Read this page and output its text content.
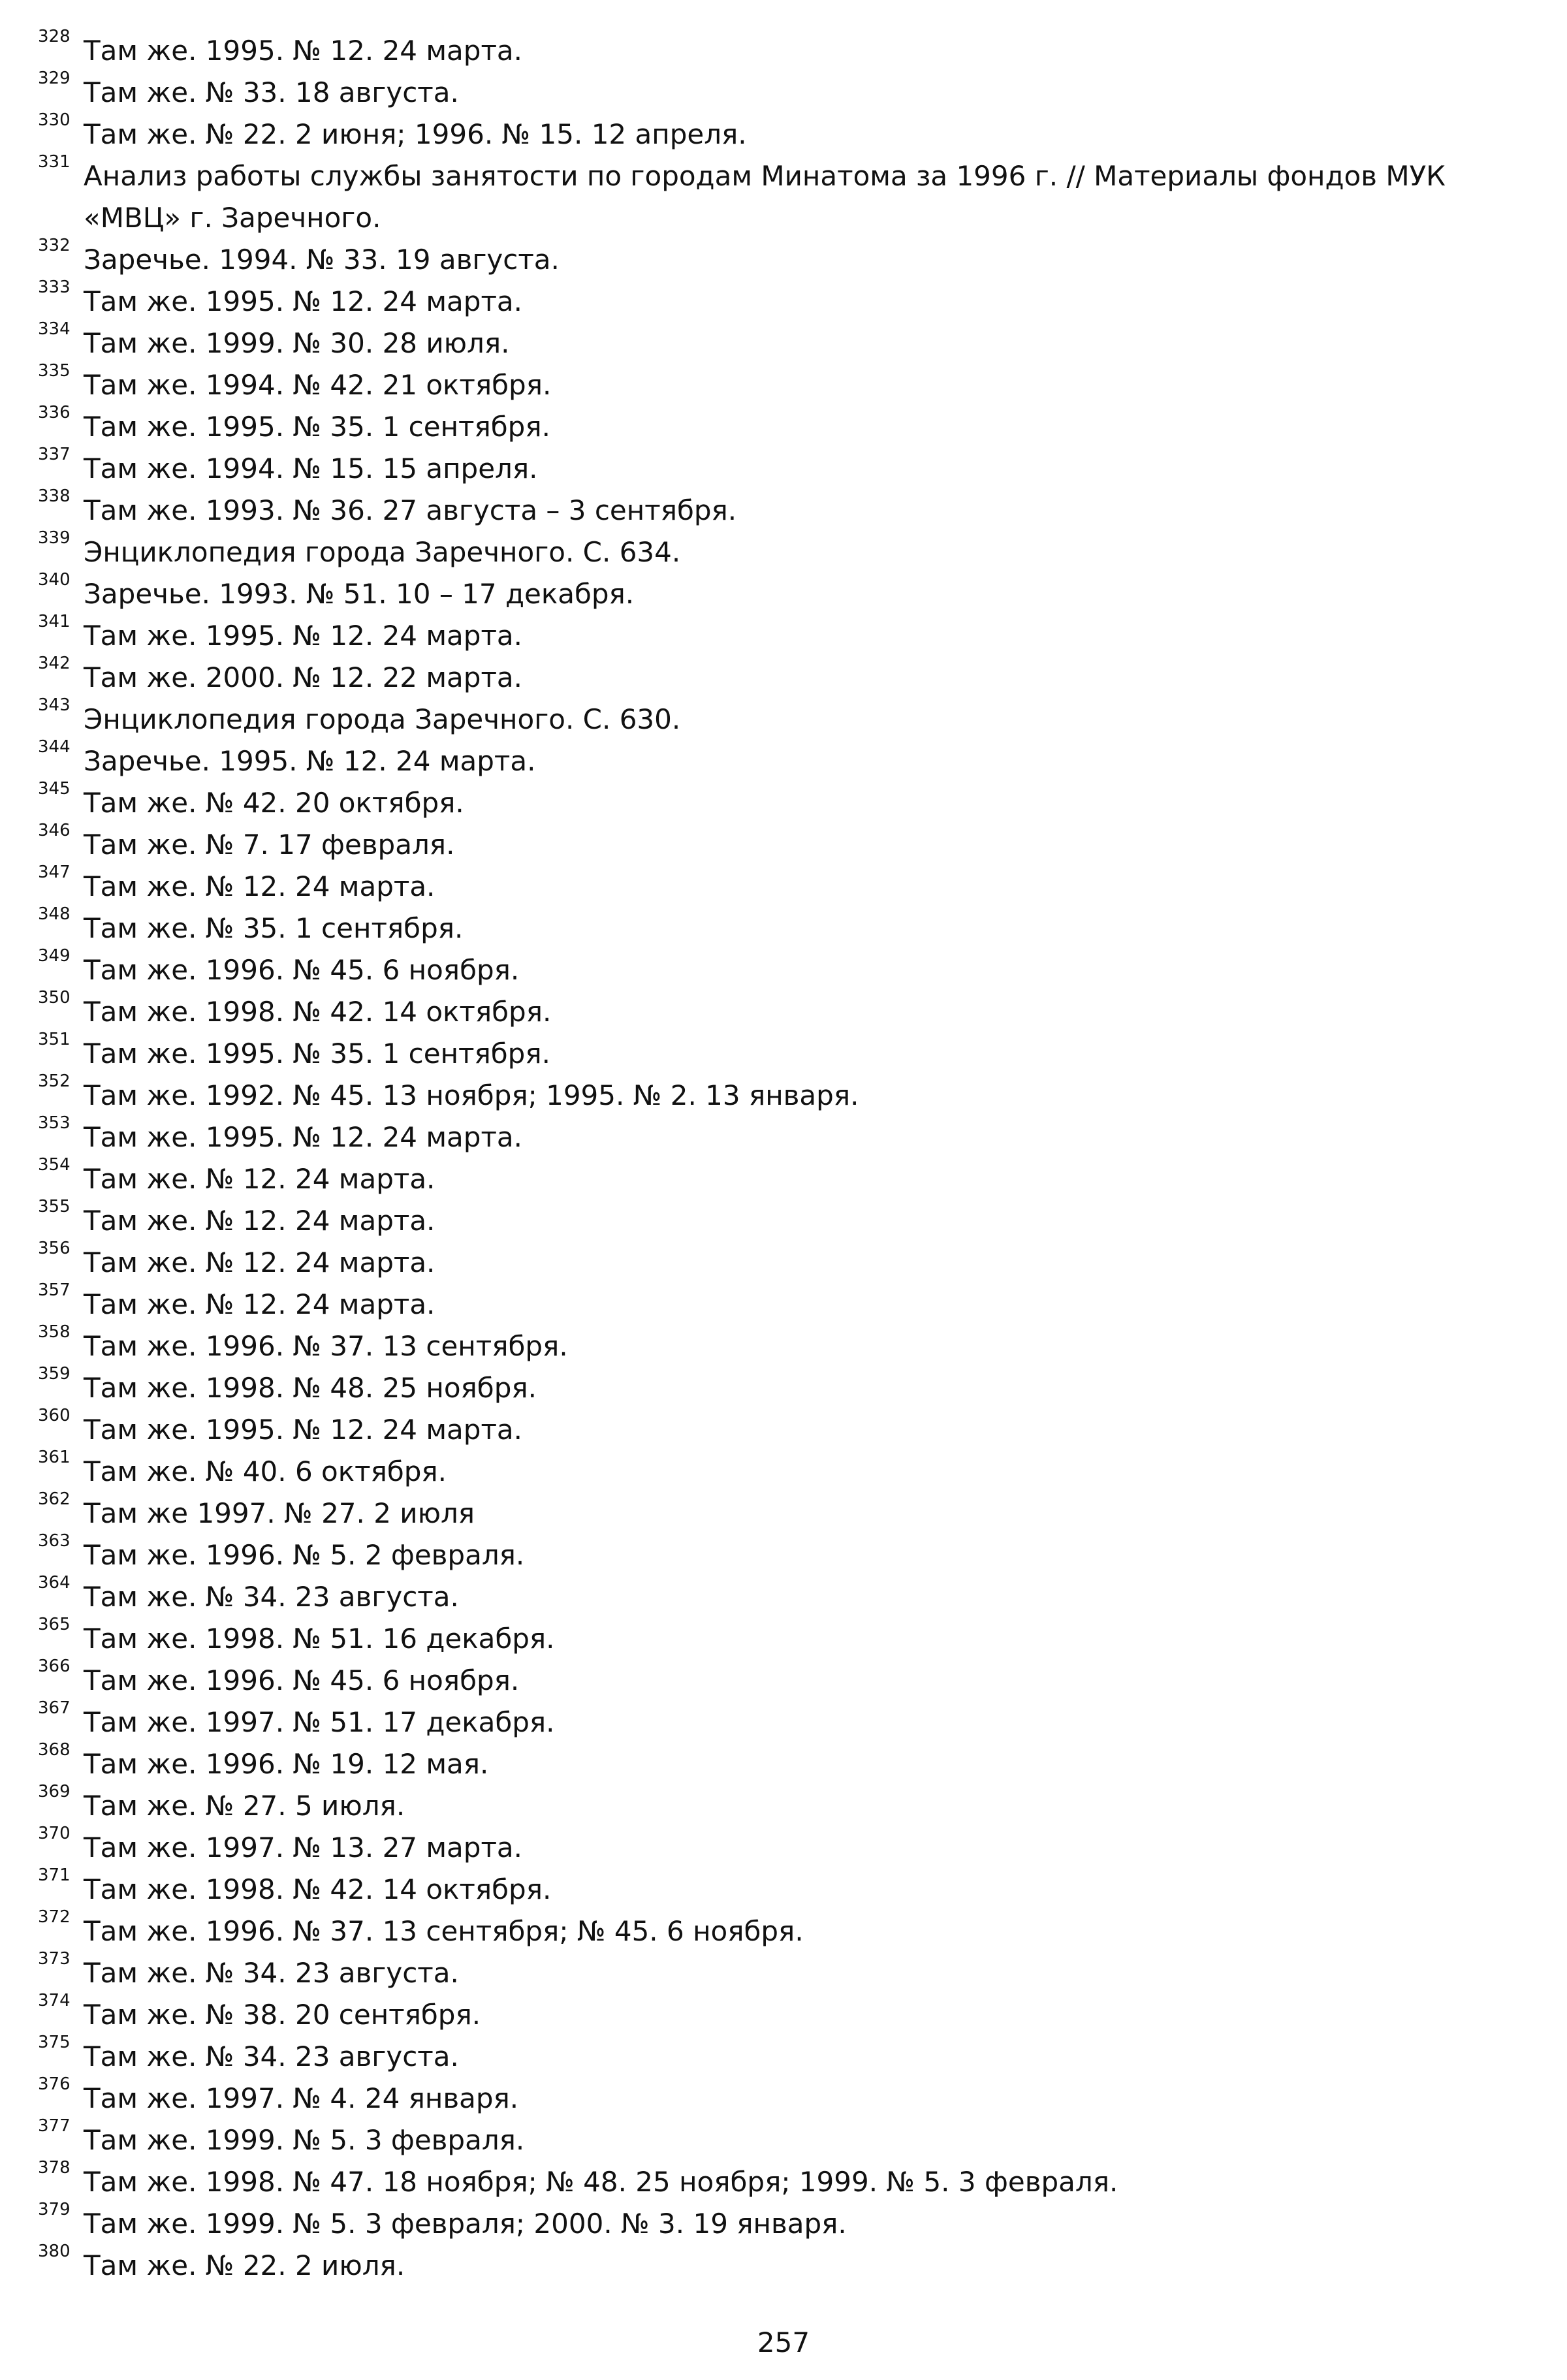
328 Там же. 1995. № 12. 24 марта.
329 Там же. № 33. 18 августа.
330 Там же. № 22. 2 июня; 1996. № 15. 12 апреля.
331 Анализ работы службы занятости по городам Минатома за 1996 г. // Материалы фондов МУК «МВЦ» г. Заречного.
332 Заречье. 1994. № 33. 19 августа.
333 Там же. 1995. № 12. 24 марта.
334 Там же. 1999. № 30. 28 июля.
335 Там же. 1994. № 42. 21 октября.
336 Там же. 1995. № 35. 1 сентября.
337 Там же. 1994. № 15. 15 апреля.
338 Там же. 1993. № 36. 27 августа – 3 сентября.
339 Энциклопедия города Заречного. С. 634.
340 Заречье. 1993. № 51. 10 – 17 декабря.
341 Там же. 1995. № 12. 24 марта.
342 Там же. 2000. № 12. 22 марта.
343 Энциклопедия города Заречного. С. 630.
344 Заречье. 1995. № 12. 24 марта.
345 Там же. № 42. 20 октября.
346 Там же. № 7. 17 февраля.
347 Там же. № 12. 24 марта.
348 Там же. № 35. 1 сентября.
349 Там же. 1996. № 45. 6 ноября.
350 Там же. 1998. № 42. 14 октября.
351 Там же. 1995. № 35. 1 сентября.
352 Там же. 1992. № 45. 13 ноября; 1995. № 2. 13 января.
353 Там же. 1995. № 12. 24 марта.
354 Там же. № 12. 24 марта.
355 Там же. № 12. 24 марта.
356 Там же. № 12. 24 марта.
357 Там же. № 12. 24 марта.
358 Там же. 1996. № 37. 13 сентября.
359 Там же. 1998. № 48. 25 ноября.
360 Там же. 1995. № 12. 24 марта.
361 Там же. № 40. 6 октября.
362 Там же 1997. № 27. 2 июля
363 Там же. 1996. № 5. 2 февраля.
364 Там же. № 34. 23 августа.
365 Там же. 1998. № 51. 16 декабря.
366 Там же. 1996. № 45. 6 ноября.
367 Там же. 1997. № 51. 17 декабря.
368 Там же. 1996. № 19. 12 мая.
369 Там же. № 27. 5 июля.
370 Там же. 1997. № 13. 27 марта.
371 Там же. 1998. № 42. 14 октября.
372 Там же. 1996. № 37. 13 сентября; № 45. 6 ноября.
373 Там же. № 34. 23 августа.
374 Там же. № 38. 20 сентября.
375 Там же. № 34. 23 августа.
376 Там же. 1997. № 4. 24 января.
377 Там же. 1999. № 5. 3 февраля.
378 Там же. 1998. № 47. 18 ноября; № 48. 25 ноября; 1999. № 5. 3 февраля.
379 Там же. 1999. № 5. 3 февраля; 2000. № 3. 19 января.
380 Там же. № 22. 2 июля.
257
